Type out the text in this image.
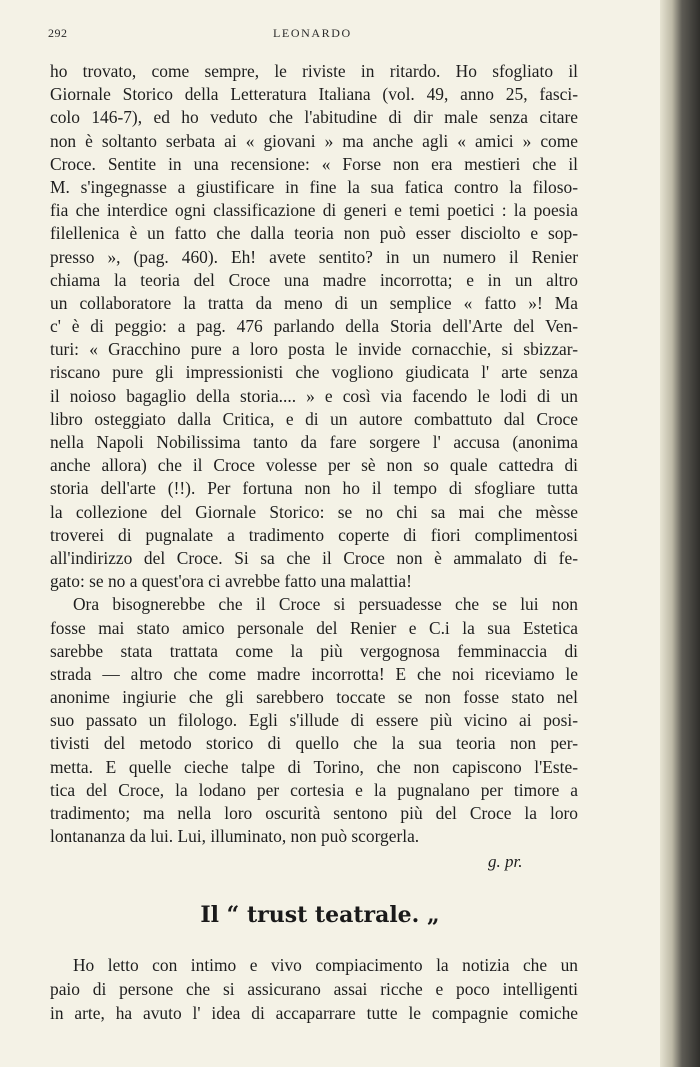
292	LEONARDO
ho trovato, come sempre, le riviste in ritardo. Ho sfogliato il
Giornale Storico della Letteratura Italiana (vol. 49, anno 25, fasci-
colo 146-7), ed ho veduto che l'abitudine di dir male senza citare
non è soltanto serbata ai « giovani » ma anche agli « amici » come
Croce. Sentite in una recensione: « Forse non era mestieri che il
M. s'ingegnasse a giustificare in fine la sua fatica contro la filoso-
fia che interdice ogni classificazione di generi e temi poetici : la poesia
filellenica è un fatto che dalla teoria non può esser disciolto e sop-
presso », (pag. 460). Eh! avete sentito? in un numero il Renier
chiama la teoria del Croce una madre incorrotta; e in un altro
un collaboratore la tratta da meno di un semplice « fatto »! Ma
c' è di peggio: a pag. 476 parlando della Storia dell'Arte del Ven-
turi: « Gracchino pure a loro posta le invide cornacchie, si sbizzar-
riscano pure gli impressionisti che vogliono giudicata l' arte senza
il noioso bagaglio della storia.... » e così via facendo le lodi di un
libro osteggiato dalla Critica, e di un autore combattuto dal Croce
nella Napoli Nobilissima tanto da fare sorgere l' accusa (anonima
anche allora) che il Croce volesse per sè non so quale cattedra di
storia dell'arte (!!). Per fortuna non ho il tempo di sfogliare tutta
la collezione del Giornale Storico: se no chi sa mai che mèsse
troverei di pugnalate a tradimento coperte di fiori complimentosi
all'indirizzo del Croce. Si sa che il Croce non è ammalato di fe-
gato: se no a quest'ora ci avrebbe fatto una malattia!
Ora bisognerebbe che il Croce si persuadesse che se lui non
fosse mai stato amico personale del Renier e C.i la sua Estetica
sarebbe stata trattata come la più vergognosa femminaccia di
strada — altro che come madre incorrotta! E che noi riceviamo le
anonime ingiurie che gli sarebbero toccate se non fosse stato nel
suo passato un filologo. Egli s'illude di essere più vicino ai posi-
tivisti del metodo storico di quello che la sua teoria non per-
metta. E quelle cieche talpe di Torino, che non capiscono l'Este-
tica del Croce, la lodano per cortesia e la pugnalano per timore a
tradimento; ma nella loro oscurità sentono più del Croce la loro
lontananza da lui. Lui, illuminato, non può scorgerla.
g. pr.
Il “ trust teatrale. „
Ho letto con intimo e vivo compiacimento la notizia che un
paio di persone che si assicurano assai ricche e poco intelligenti
in arte, ha avuto l' idea di accaparrare tutte le compagnie comiche
